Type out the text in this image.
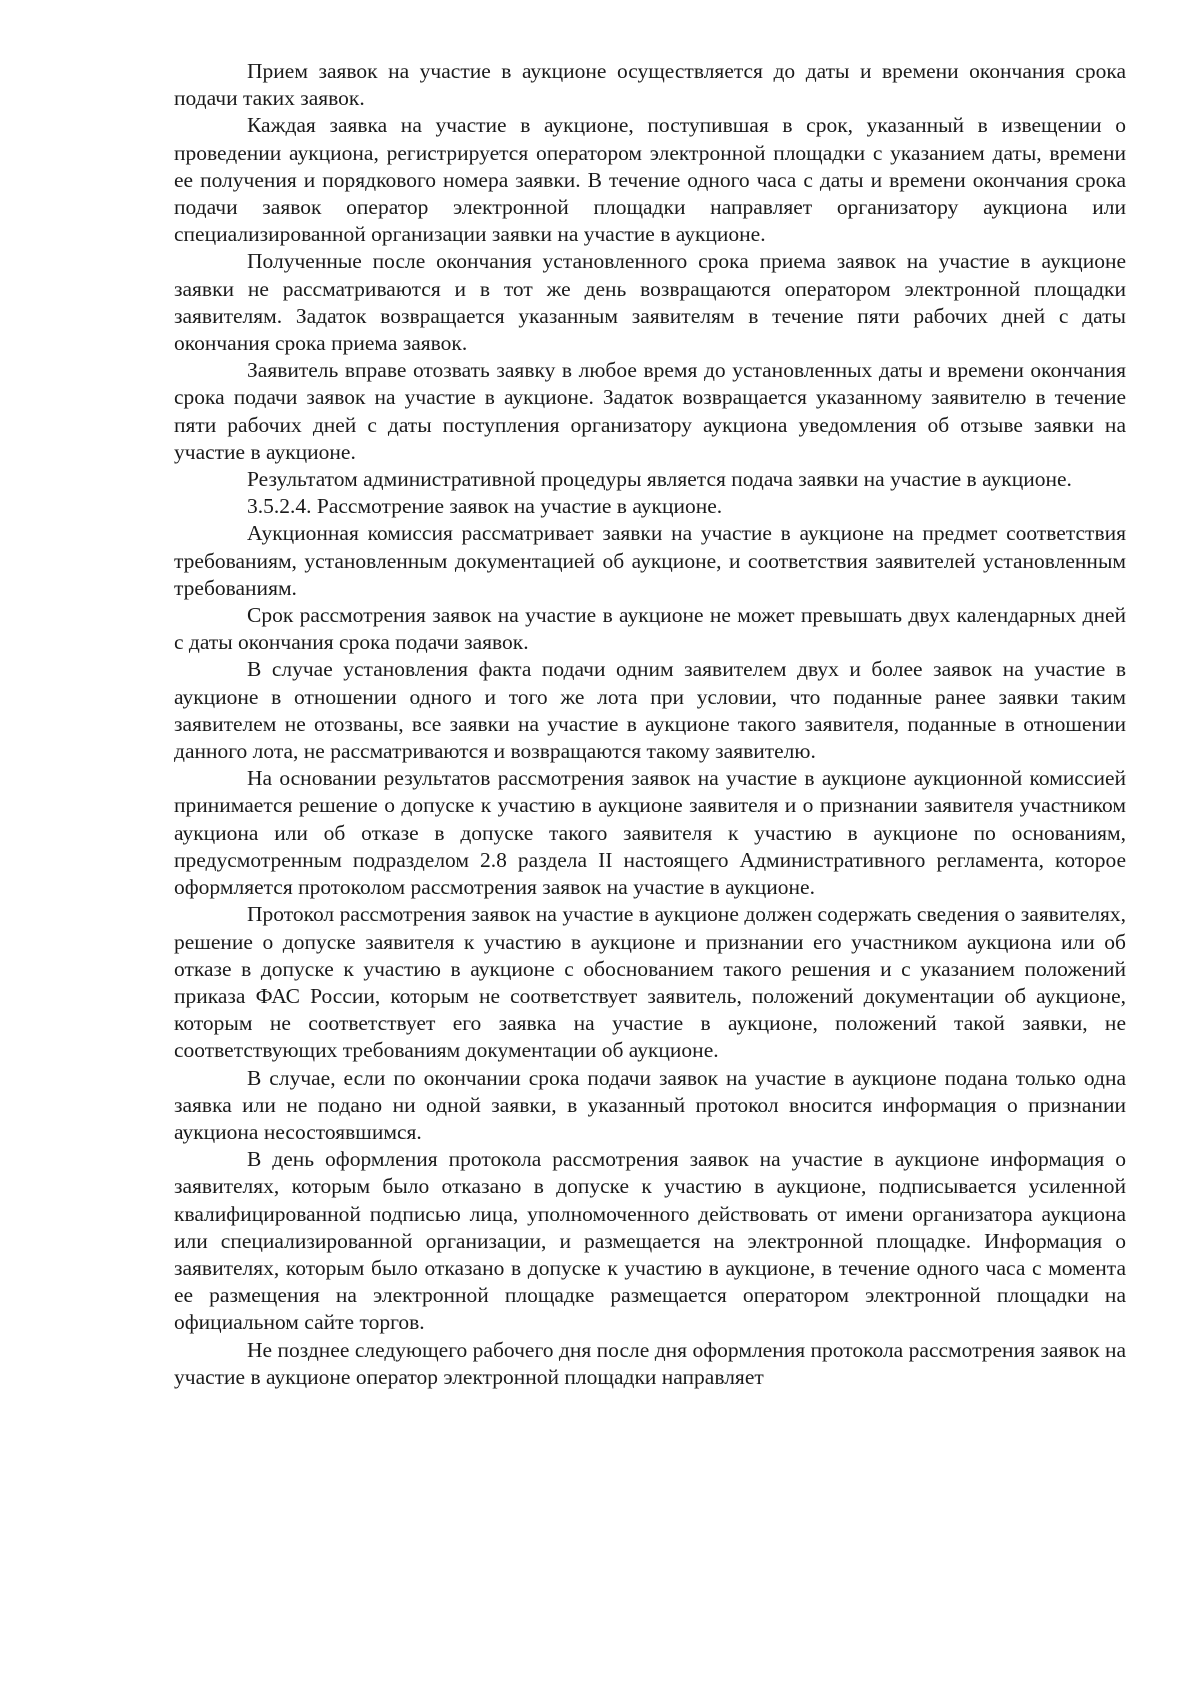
Прием заявок на участие в аукционе осуществляется до даты и времени окончания срока подачи таких заявок.

Каждая заявка на участие в аукционе, поступившая в срок, указанный в извещении о проведении аукциона, регистрируется оператором электронной площадки с указанием даты, времени ее получения и порядкового номера заявки. В течение одного часа с даты и времени окончания срока подачи заявок оператор электронной площадки направляет организатору аукциона или специализированной организации заявки на участие в аукционе.

Полученные после окончания установленного срока приема заявок на участие в аукционе заявки не рассматриваются и в тот же день возвращаются оператором электронной площадки заявителям. Задаток возвращается указанным заявителям в течение пяти рабочих дней с даты окончания срока приема заявок.

Заявитель вправе отозвать заявку в любое время до установленных даты и времени окончания срока подачи заявок на участие в аукционе. Задаток возвращается указанному заявителю в течение пяти рабочих дней с даты поступления организатору аукциона уведомления об отзыве заявки на участие в аукционе.

Результатом административной процедуры является подача заявки на участие в аукционе.

3.5.2.4. Рассмотрение заявок на участие в аукционе.

Аукционная комиссия рассматривает заявки на участие в аукционе на предмет соответствия требованиям, установленным документацией об аукционе, и соответствия заявителей установленным требованиям.

Срок рассмотрения заявок на участие в аукционе не может превышать двух календарных дней с даты окончания срока подачи заявок.

В случае установления факта подачи одним заявителем двух и более заявок на участие в аукционе в отношении одного и того же лота при условии, что поданные ранее заявки таким заявителем не отозваны, все заявки на участие в аукционе такого заявителя, поданные в отношении данного лота, не рассматриваются и возвращаются такому заявителю.

На основании результатов рассмотрения заявок на участие в аукционе аукционной комиссией принимается решение о допуске к участию в аукционе заявителя и о признании заявителя участником аукциона или об отказе в допуске такого заявителя к участию в аукционе по основаниям, предусмотренным подразделом 2.8 раздела II настоящего Административного регламента, которое оформляется протоколом рассмотрения заявок на участие в аукционе.

Протокол рассмотрения заявок на участие в аукционе должен содержать сведения о заявителях, решение о допуске заявителя к участию в аукционе и признании его участником аукциона или об отказе в допуске к участию в аукционе с обоснованием такого решения и с указанием положений приказа ФАС России, которым не соответствует заявитель, положений документации об аукционе, которым не соответствует его заявка на участие в аукционе, положений такой заявки, не соответствующих требованиям документации об аукционе.

В случае, если по окончании срока подачи заявок на участие в аукционе подана только одна заявка или не подано ни одной заявки, в указанный протокол вносится информация о признании аукциона несостоявшимся.

В день оформления протокола рассмотрения заявок на участие в аукционе информация о заявителях, которым было отказано в допуске к участию в аукционе, подписывается усиленной квалифицированной подписью лица, уполномоченного действовать от имени организатора аукциона или специализированной организации, и размещается на электронной площадке. Информация о заявителях, которым было отказано в допуске к участию в аукционе, в течение одного часа с момента ее размещения на электронной площадке размещается оператором электронной площадки на официальном сайте торгов.

Не позднее следующего рабочего дня после дня оформления протокола рассмотрения заявок на участие в аукционе оператор электронной площадки направляет
